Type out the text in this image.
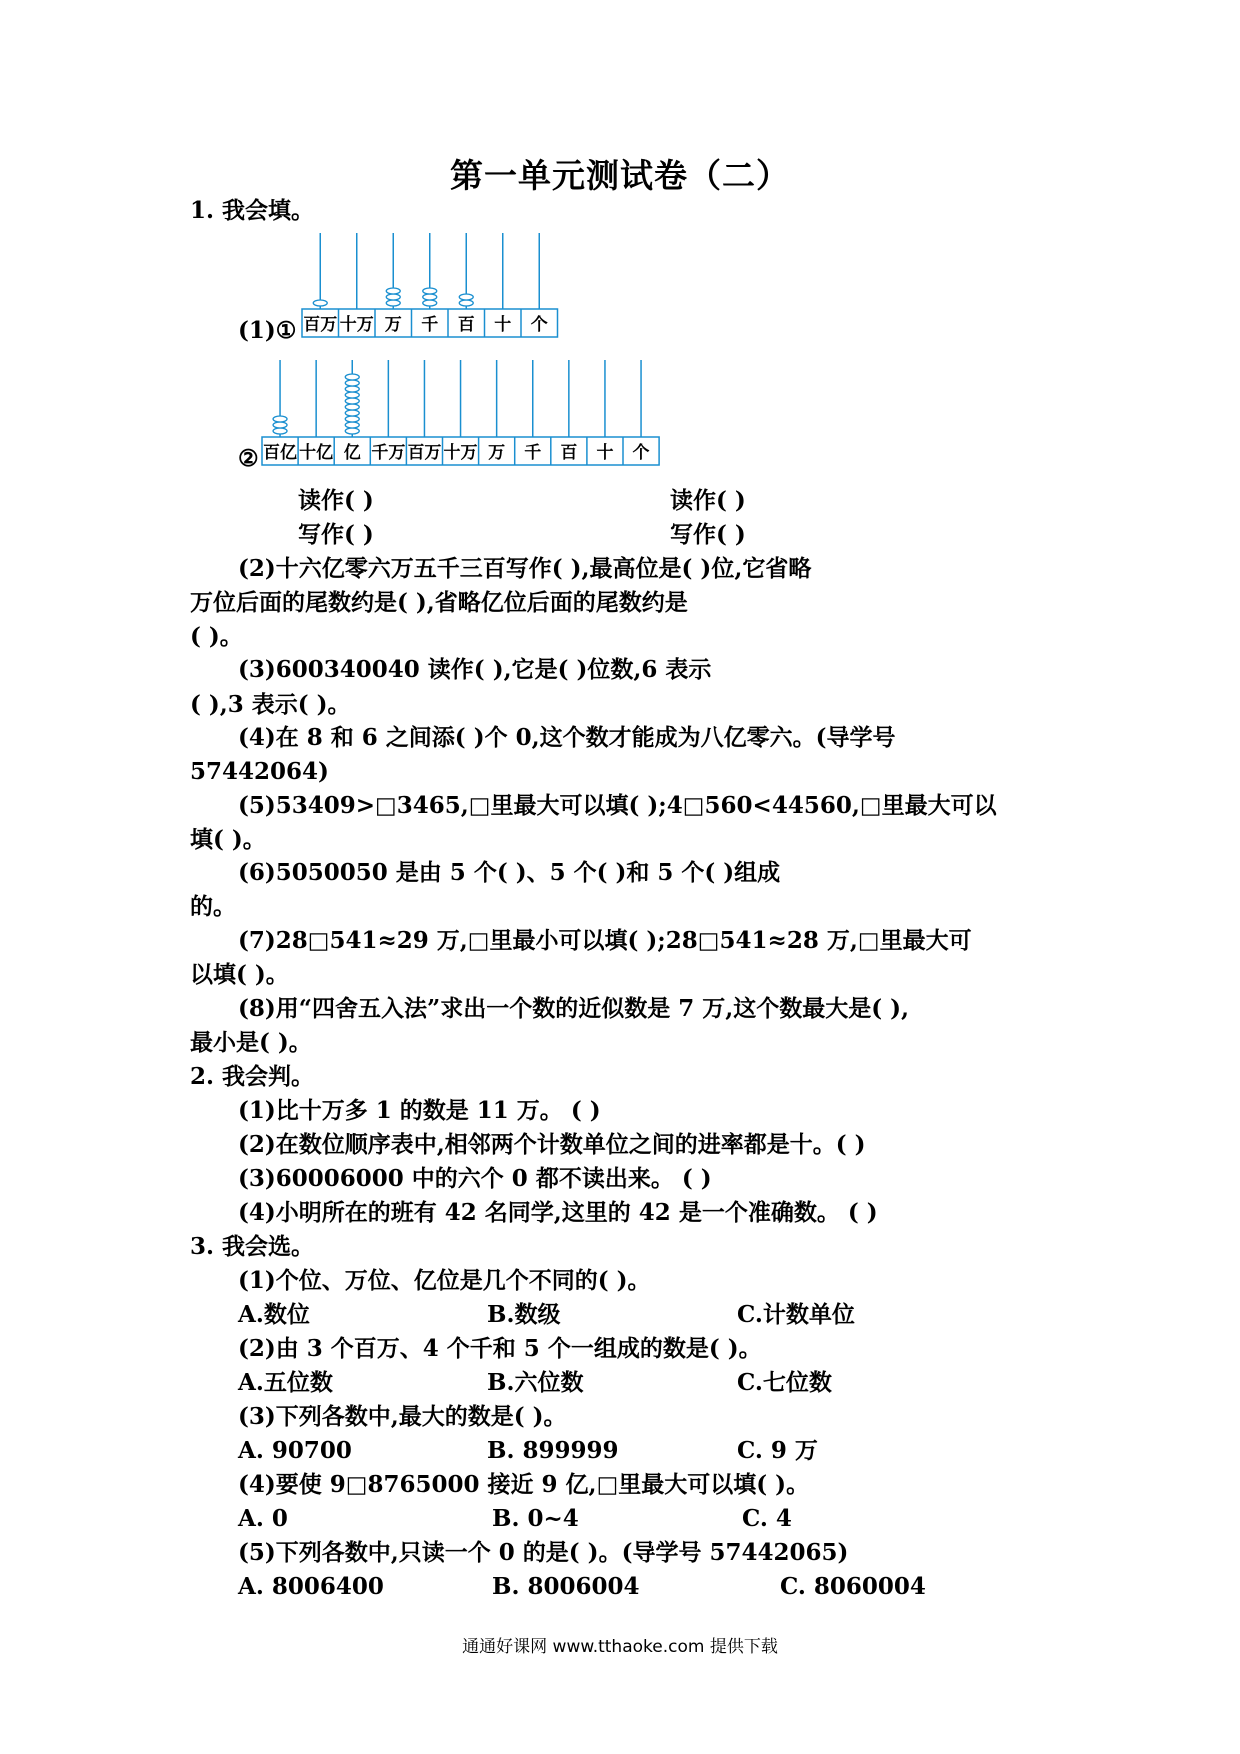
第一单元测试卷（二）
1. 我会填。
百万 十万 万 千 百 十 个
百亿 十亿 亿 千万 百万 十万 万 千 百 十 个
(1)①
②
读作( )	读作( )
写作( )	写作( )
(2)十六亿零六万五千三百写作( ),最高位是( )位,它省略
万位后面的尾数约是( ),省略亿位后面的尾数约是
( )。
(3)600340040 读作( ),它是( )位数,6 表示
( ),3 表示( )。
(4)在 8 和 6 之间添( )个 0,这个数才能成为八亿零六。(导学号
57442064)
(5)53409>□3465,□里最大可以填( );4□560<44560,□里最大可以
填( )。
(6)5050050 是由 5 个( )、5 个( )和 5 个( )组成
的。
(7)28□541≈29 万,□里最小可以填( );28□541≈28 万,□里最大可
以填( )。
(8)用“四舍五入法”求出一个数的近似数是 7 万,这个数最大是( ),
最小是( )。
2. 我会判。
(1)比十万多 1 的数是 11 万。 ( )
(2)在数位顺序表中,相邻两个计数单位之间的进率都是十。( )
(3)60006000 中的六个 0 都不读出来。 ( )
(4)小明所在的班有 42 名同学,这里的 42 是一个准确数。 ( )
3. 我会选。
(1)个位、万位、亿位是几个不同的( )。
A.数位	B.数级	C.计数单位
(2)由 3 个百万、4 个千和 5 个一组成的数是( )。
A.五位数	B.六位数	C.七位数
(3)下列各数中,最大的数是( )。
A. 90700	B. 899999	C. 9 万
(4)要使 9□8765000 接近 9 亿,□里最大可以填( )。
A. 0	B. 0~4	C. 4
(5)下列各数中,只读一个 0 的是( )。(导学号 57442065)
A. 8006400	B. 8006004	C. 8060004
通通好课网 www.tthaoke.com 提供下载
